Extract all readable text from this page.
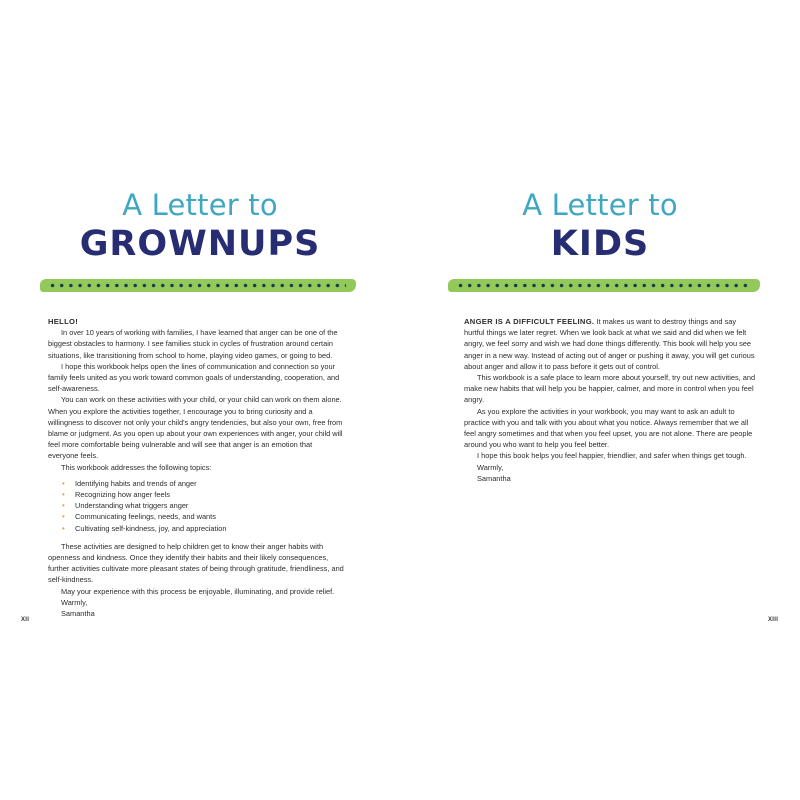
A Letter to
GROWNUPS

HELLO!

In over 10 years of working with families, I have learned that anger can be one of the biggest obstacles to harmony. I see families stuck in cycles of frustration around certain situations, like transitioning from school to home, playing video games, or going to bed.

I hope this workbook helps open the lines of communication and connection so your family feels united as you work toward common goals of understanding, cooperation, and self-awareness.

You can work on these activities with your child, or your child can work on them alone. When you explore the activities together, I encourage you to bring curiosity and a willingness to discover not only your child's angry tendencies, but also your own, free from blame or judgment. As you open up about your own experiences with anger, your child will feel more comfortable being vulnerable and will see that anger is an emotion that everyone feels.

This workbook addresses the following topics:

• Identifying habits and trends of anger
• Recognizing how anger feels
• Understanding what triggers anger
• Communicating feelings, needs, and wants
• Cultivating self-kindness, joy, and appreciation

These activities are designed to help children get to know their anger habits with openness and kindness. Once they identify their habits and their likely consequences, further activities cultivate more pleasant states of being through gratitude, friendliness, and self-kindness.

May your experience with this process be enjoyable, illuminating, and provide relief.

Warmly,
Samantha
XII
A Letter to
KIDS

ANGER IS A DIFFICULT FEELING. It makes us want to destroy things and say hurtful things we later regret. When we look back at what we said and did when we felt angry, we feel sorry and wish we had done things differently. This book will help you see anger in a new way. Instead of acting out of anger or pushing it away, you will get curious about anger and allow it to pass before it gets out of control.

This workbook is a safe place to learn more about yourself, try out new activities, and make new habits that will help you be happier, calmer, and more in control when you feel angry.

As you explore the activities in your workbook, you may want to ask an adult to practice with you and talk with you about what you notice. Always remember that we all feel angry sometimes and that when you feel upset, you are not alone. There are people around you who want to help you feel better.

I hope this book helps you feel happier, friendlier, and safer when things get tough.

Warmly,
Samantha
XIII
